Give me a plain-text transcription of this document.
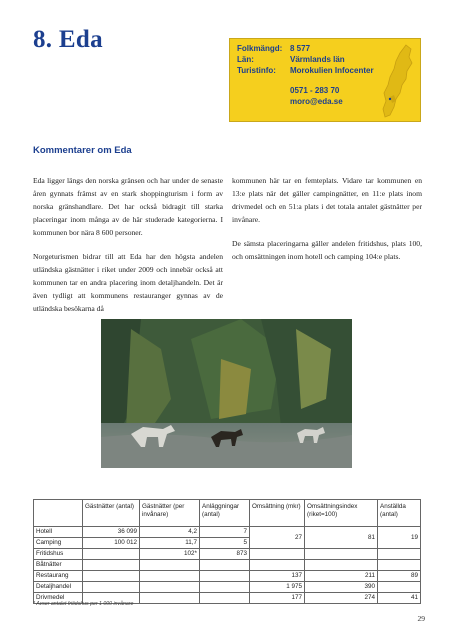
8. Eda	Folkmängd: 8 577
Län:	Värmlands län
Turistinfo: Morokulien Infocenter
0571 - 283 70
moro@eda.se
Kommentarer om Eda

Eda ligger längs den norska gränsen och har under de senaste åren gynnats främst av en stark shoppingturism i form av norska gränshandlare. Det har också bidragit till starka placeringar inom många av de här studerade kategorierna. I kommunen bor nära 8 600 personer.

Norgeturismen bidrar till att Eda har den högsta andelen utländska gästnätter i riket under 2009 och innebär också att kommunen tar en andra placering inom detaljhandeln. Det är även tydligt att kommunens restauranger gynnas av de utländska besökarna då

kommunen här tar en femteplats. Vidare tar kommunen en 13:e plats när det gäller campingnätter, en 11:e plats inom drivmedel och en 51:a plats i det totala antalet gästnätter per invånare.

De sämsta placeringarna gäller andelen fritidshus, plats 100, och omsättningen inom hotell och camping 104:e plats.

	Gästnätter (antal)	Gästnätter (per invånare)	Anläggningar (antal)	Omsättning (mkr)	Omsättningsindex (riket=100)	Anställda (antal)
Hotell	36 099	4,2	7	27	81	19
Camping	100 012	11,7	5			
Fritidshus		102*	873			
Båtnätter						
Restaurang				137	211	89
Detaljhandel				1 975	390	
Drivmedel				177	274	41
* Avser antalet fritidshus per 1 000 invånare
29
